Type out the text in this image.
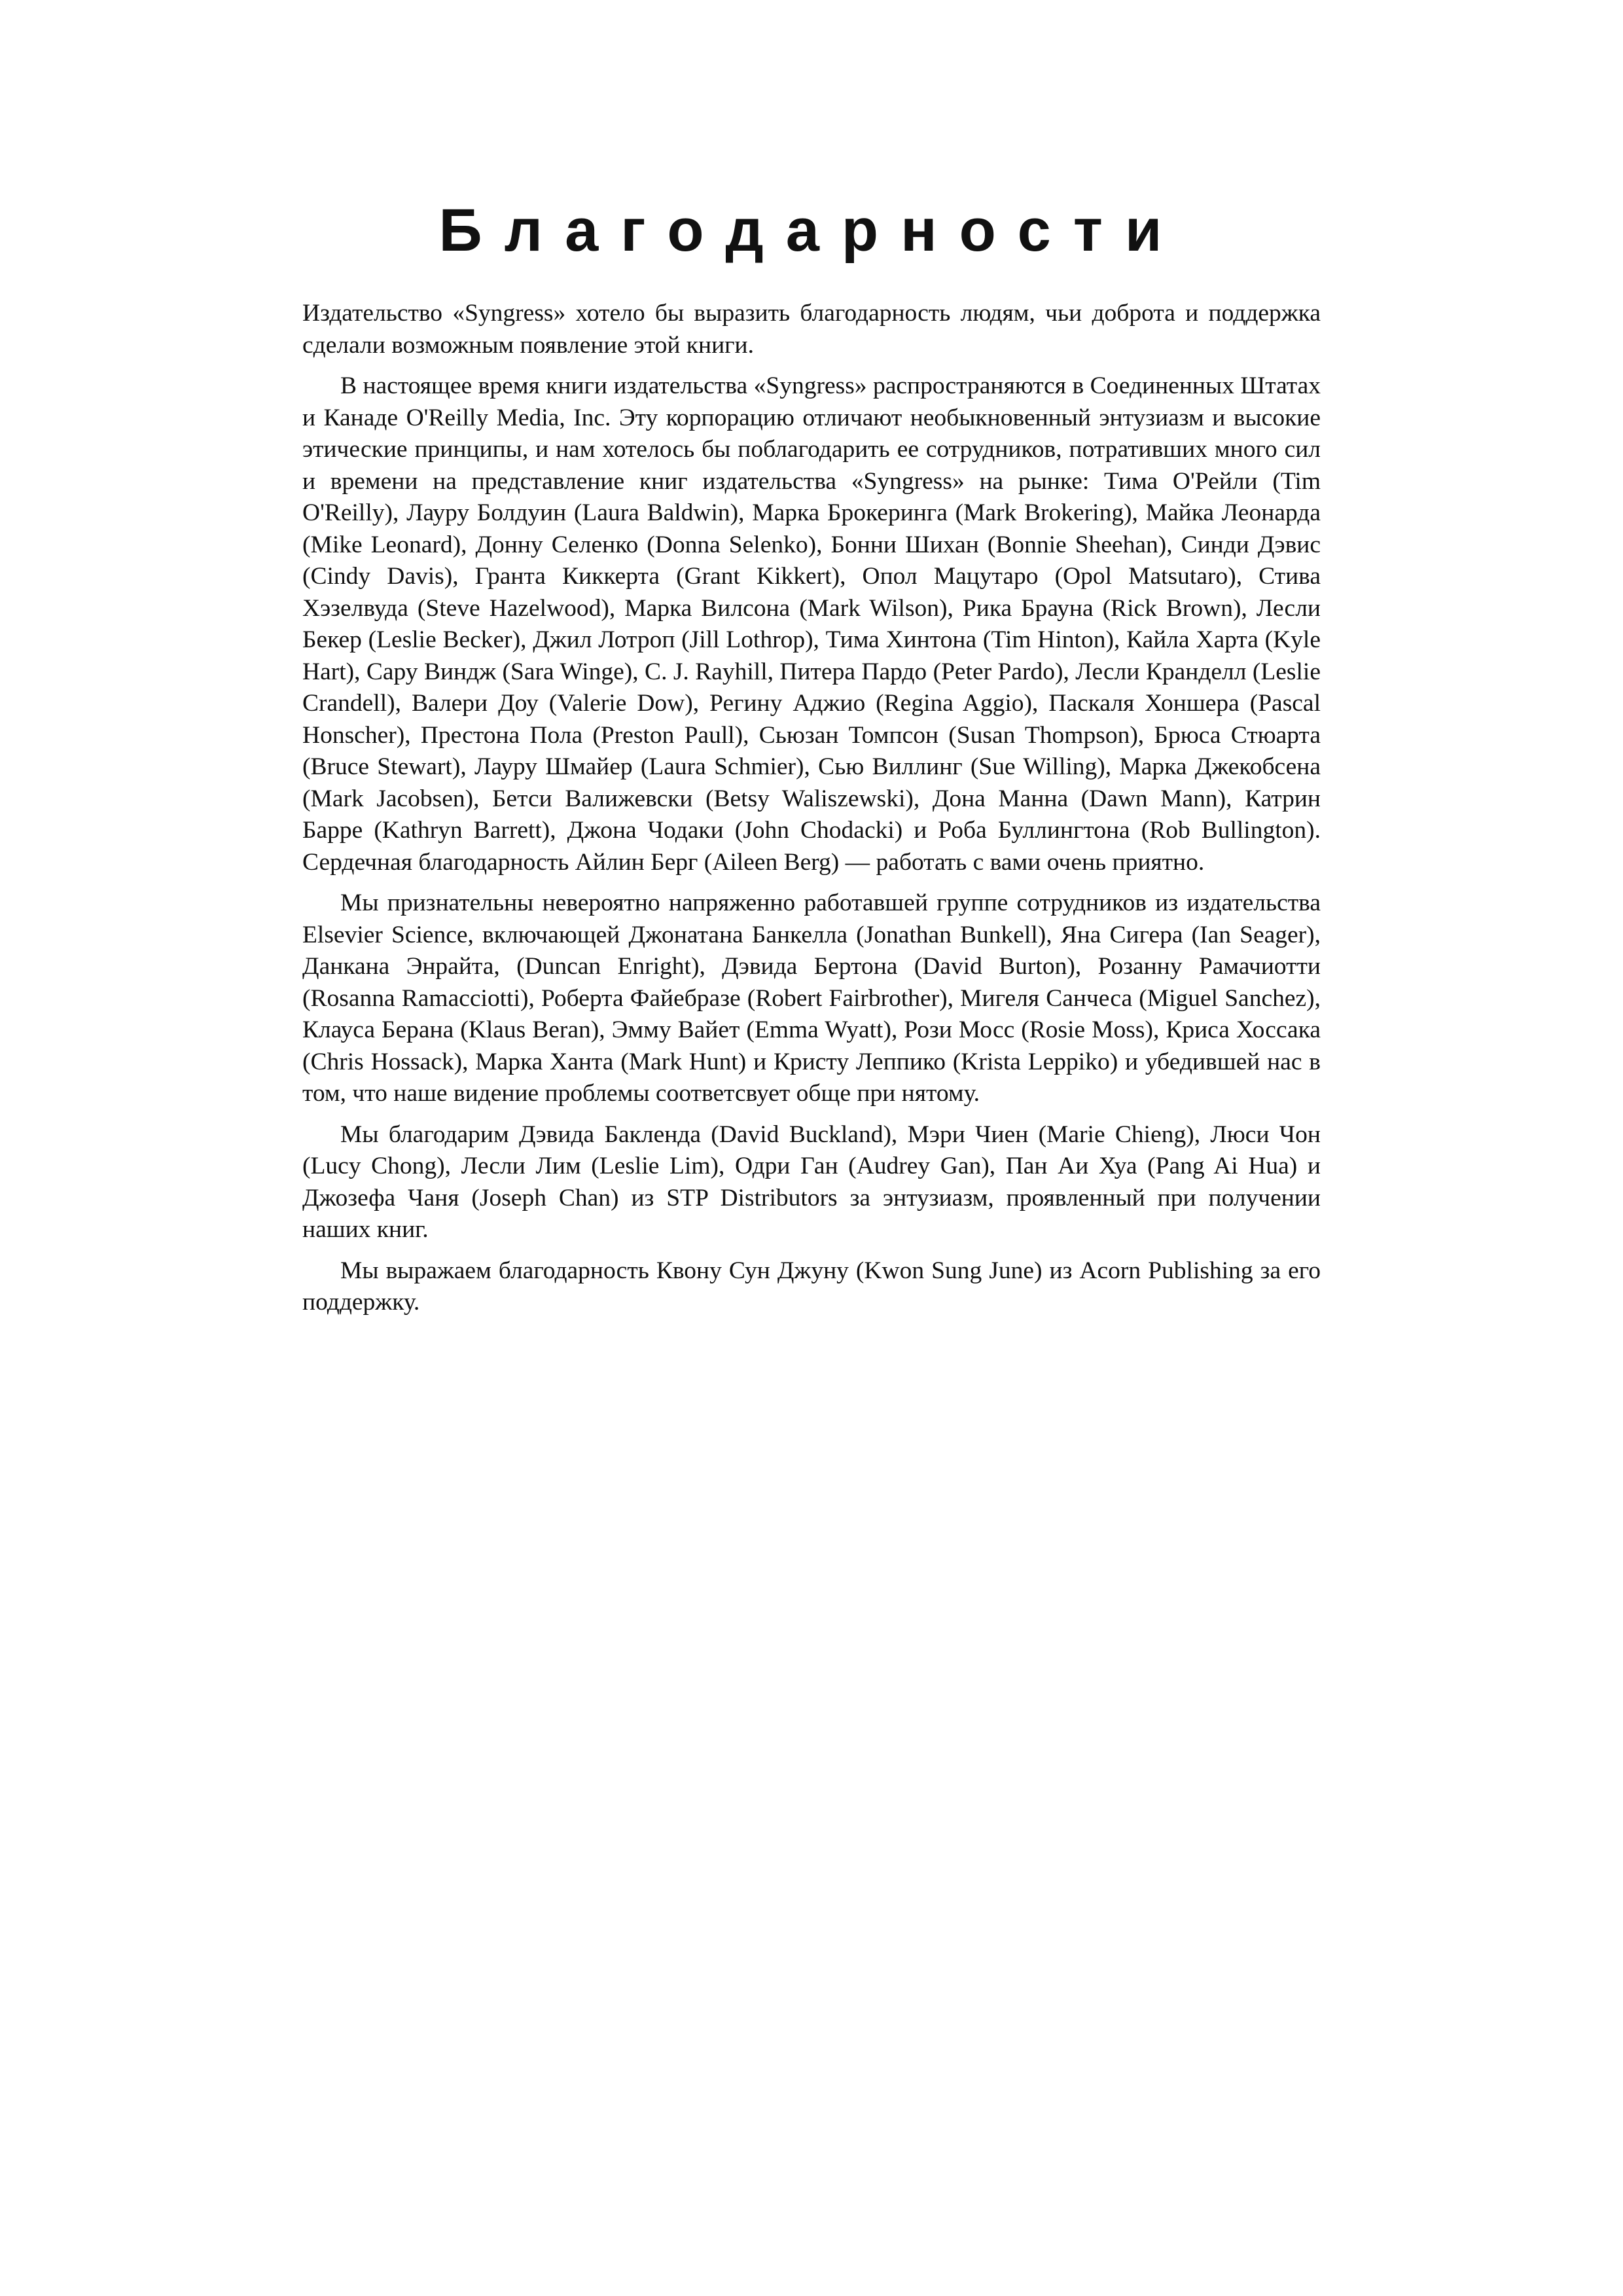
Благодарности

Издательство «Syngress» хотело бы выразить благодарность людям, чьи доброта и поддержка сделали возможным появление этой книги.

В настоящее время книги издательства «Syngress» распространяются в Соединенных Штатах и Канаде O'Reilly Media, Inc. Эту корпорацию отличают необыкновенный энтузиазм и высокие этические принципы, и нам хотелось бы поблагодарить ее сотрудников, потративших много сил и времени на представление книг издательства «Syngress» на рынке: Тима О'Рейли (Tim O'Reilly), Лауру Болдуин (Laura Baldwin), Марка Брокеринга (Mark Brokering), Майка Леонарда (Mike Leonard), Донну Селенко (Donna Selenko), Бонни Шихан (Bonnie Sheehan), Синди Дэвис (Cindy Davis), Гранта Киккерта (Grant Kikkert), Опол Мацутаро (Opol Matsutaro), Стива Хэзелвуда (Steve Hazelwood), Марка Вилсона (Mark Wilson), Рика Брауна (Rick Brown), Лесли Бекер (Leslie Becker), Джил Лотроп (Jill Lothrop), Тима Хинтона (Tim Hinton), Кайла Харта (Kyle Hart), Сару Виндж (Sara Winge), C. J. Rayhill, Питера Пардо (Peter Pardo), Лесли Кранделл (Leslie Crandell), Валери Доу (Valerie Dow), Регину Аджио (Regina Aggio), Паскаля Хоншера (Pascal Honscher), Престона Пола (Preston Paull), Сьюзан Томпсон (Susan Thompson), Брюса Стюарта (Bruce Stewart), Лауру Шмайер (Laura Schmier), Сью Виллинг (Sue Willing), Марка Джекобсена (Mark Jacobsen), Бетси Валижевски (Betsy Waliszewski), Дона Манна (Dawn Mann), Катрин Барре (Kathryn Barrett), Джона Чодаки (John Chodacki) и Роба Буллингтона (Rob Bullington). Сердечная благодарность Айлин Берг (Aileen Berg) — работать с вами очень приятно.

Мы признательны невероятно напряженно работавшей группе сотрудников из издательства Elsevier Science, включающей Джонатана Банкелла (Jonathan Bunkell), Яна Сигера (Ian Seager), Данкана Энрайта, (Duncan Enright), Дэвида Бертона (David Burton), Розанну Рамачиотти (Rosanna Ramacciotti), Роберта Файебразе (Robert Fairbrother), Мигеля Санчеса (Miguel Sanchez), Клауса Берана (Klaus Beran), Эмму Вайет (Emma Wyatt), Рози Мосс (Rosie Moss), Криса Хоссака (Chris Hossack), Марка Ханта (Mark Hunt) и Кристу Леппико (Krista Leppiko) и убедившей нас в том, что наше видение проблемы соответсвует обще при нятому.

Мы благодарим Дэвида Бакленда (David Buckland), Мэри Чиен (Marie Chieng), Люси Чон (Lucy Chong), Лесли Лим (Leslie Lim), Одри Ган (Audrey Gan), Пан Аи Хуа (Pang Ai Hua) и Джозефа Чаня (Joseph Chan) из STP Distributors за энтузиазм, проявленный при получении наших книг.

Мы выражаем благодарность Квону Сун Джуну (Kwon Sung June) из Acorn Publishing за его поддержку.
